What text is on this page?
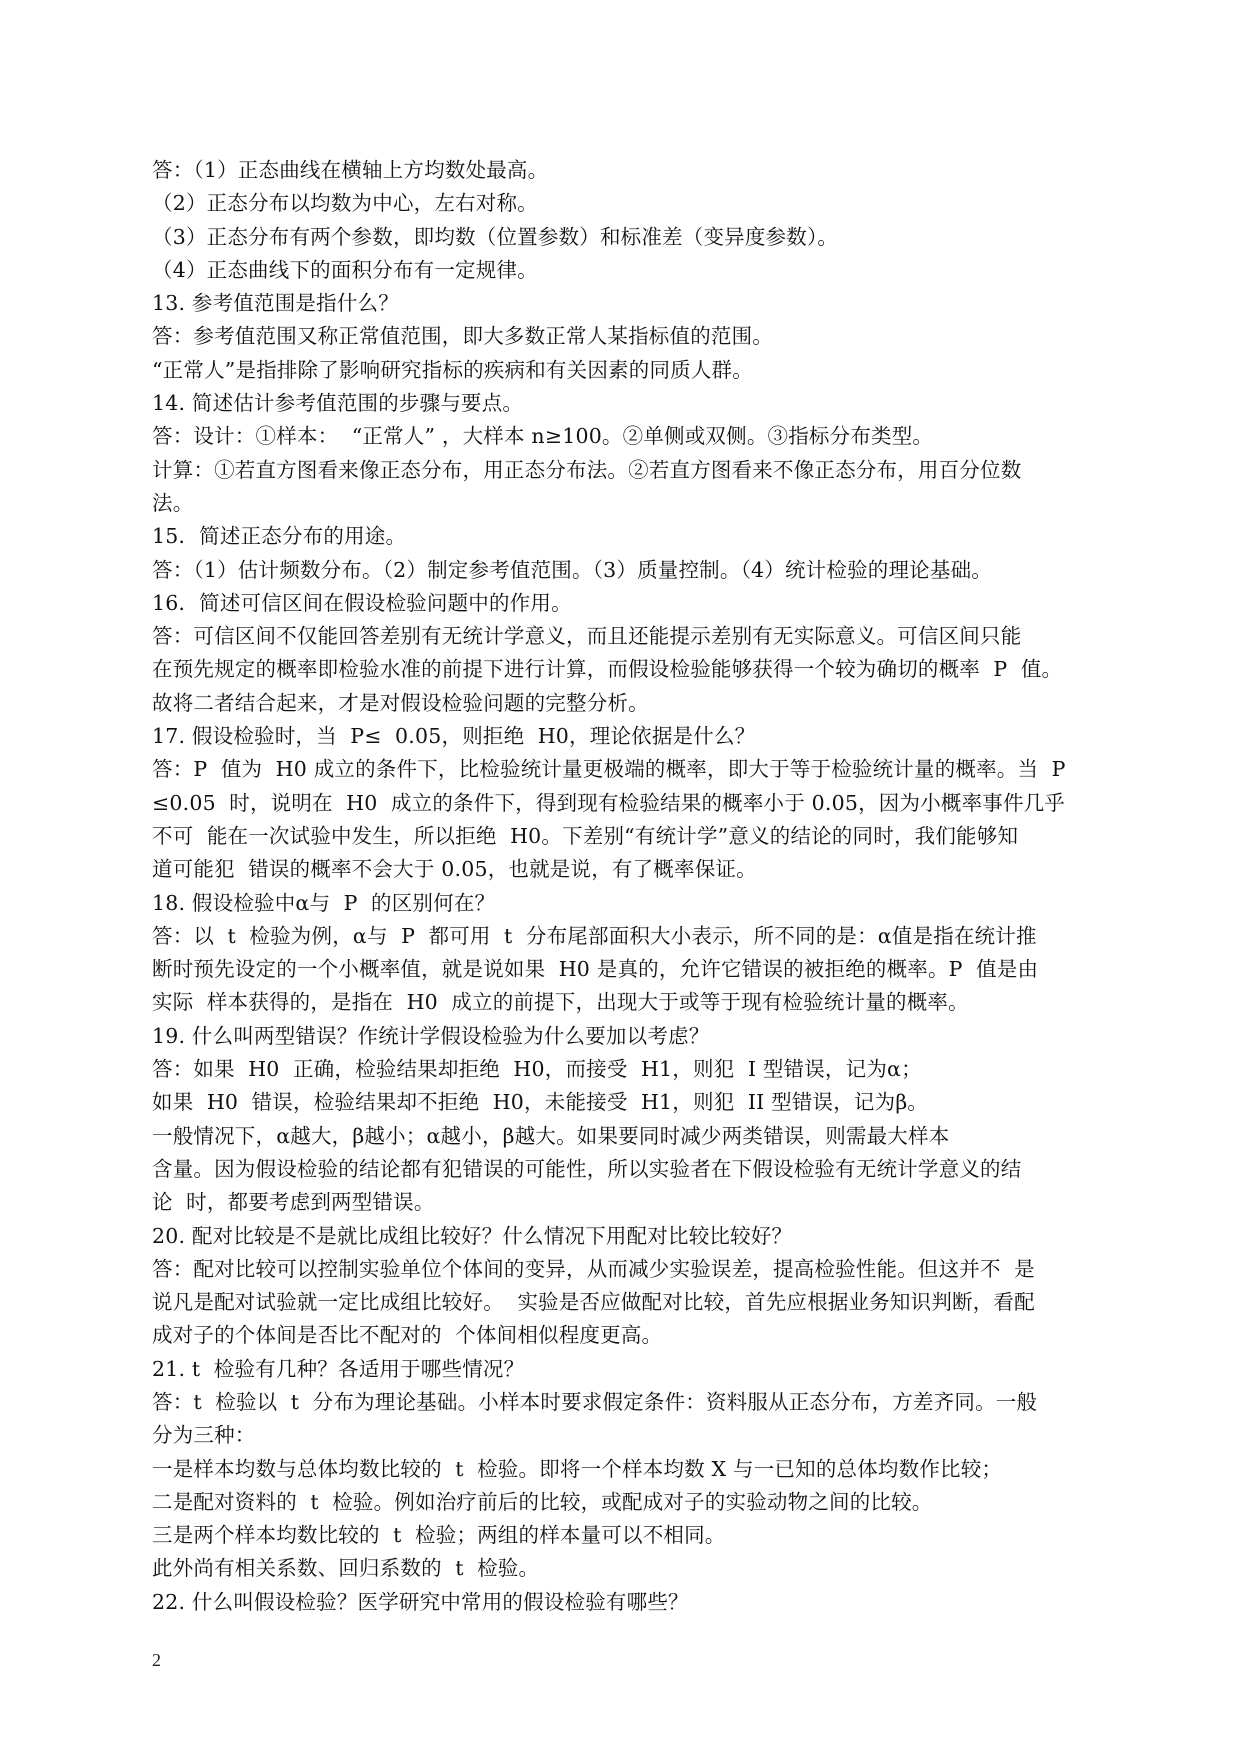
答：（1）正态曲线在横轴上方均数处最高。
（2）正态分布以均数为中心，左右对称。
（3）正态分布有两个参数，即均数（位置参数）和标准差（变异度参数）。
（4）正态曲线下的面积分布有一定规律。
13. 参考值范围是指什么？
答：参考值范围又称正常值范围，即大多数正常人某指标值的范围。
“正常人”是指排除了影响研究指标的疾病和有关因素的同质人群。
14. 简述估计参考值范围的步骤与要点。
答：设计：①样本：  “正常人” ，大样本 n≥100。②单侧或双侧。③指标分布类型。
计算：①若直方图看来像正态分布，用正态分布法。②若直方图看来不像正态分布，用百分位数
法。
15．简述正态分布的用途。
答：（1）估计频数分布。（2）制定参考值范围。（3）质量控制。（4）统计检验的理论基础。
16．简述可信区间在假设检验问题中的作用。
答：可信区间不仅能回答差别有无统计学意义，而且还能提示差别有无实际意义。可信区间只能
在预先规定的概率即检验水准的前提下进行计算，而假设检验能够获得一个较为确切的概率  P  值。
故将二者结合起来，才是对假设检验问题的完整分析。
17. 假设检验时，当  P≤  0.05，则拒绝  H0，理论依据是什么？
答：P  值为  H0 成立的条件下，比检验统计量更极端的概率，即大于等于检验统计量的概率。当  P
≤0.05  时，说明在  H0  成立的条件下，得到现有检验结果的概率小于 0.05，因为小概率事件几乎
不可  能在一次试验中发生，所以拒绝  H0。下差别“有统计学”意义的结论的同时，我们能够知
道可能犯  错误的概率不会大于 0.05，也就是说，有了概率保证。
18. 假设检验中α与  P  的区别何在？
答：以  t  检验为例，α与  P  都可用  t  分布尾部面积大小表示，所不同的是：α值是指在统计推
断时预先设定的一个小概率值，就是说如果  H0 是真的，允许它错误的被拒绝的概率。P  值是由
实际  样本获得的，是指在  H0  成立的前提下，出现大于或等于现有检验统计量的概率。
19. 什么叫两型错误？作统计学假设检验为什么要加以考虑？
答：如果  H0  正确，检验结果却拒绝  H0，而接受  H1，则犯  I 型错误，记为α；
如果  H0  错误，检验结果却不拒绝  H0，未能接受  H1，则犯  II 型错误，记为β。
一般情况下，α越大，β越小；α越小，β越大。如果要同时减少两类错误，则需最大样本
含量。因为假设检验的结论都有犯错误的可能性，所以实验者在下假设检验有无统计学意义的结
论  时，都要考虑到两型错误。
20. 配对比较是不是就比成组比较好？什么情况下用配对比较比较好？
答：配对比较可以控制实验单位个体间的变异，从而减少实验误差，提高检验性能。但这并不  是
说凡是配对试验就一定比成组比较好。  实验是否应做配对比较，首先应根据业务知识判断，看配
成对子的个体间是否比不配对的  个体间相似程度更高。
21. t  检验有几种？各适用于哪些情况？
答：t  检验以  t  分布为理论基础。小样本时要求假定条件：资料服从正态分布，方差齐同。一般
分为三种：
一是样本均数与总体均数比较的  t  检验。即将一个样本均数 X 与一已知的总体均数作比较；
二是配对资料的  t  检验。例如治疗前后的比较，或配成对子的实验动物之间的比较。
三是两个样本均数比较的  t  检验；两组的样本量可以不相同。
此外尚有相关系数、回归系数的  t  检验。
22. 什么叫假设检验？医学研究中常用的假设检验有哪些？
2
